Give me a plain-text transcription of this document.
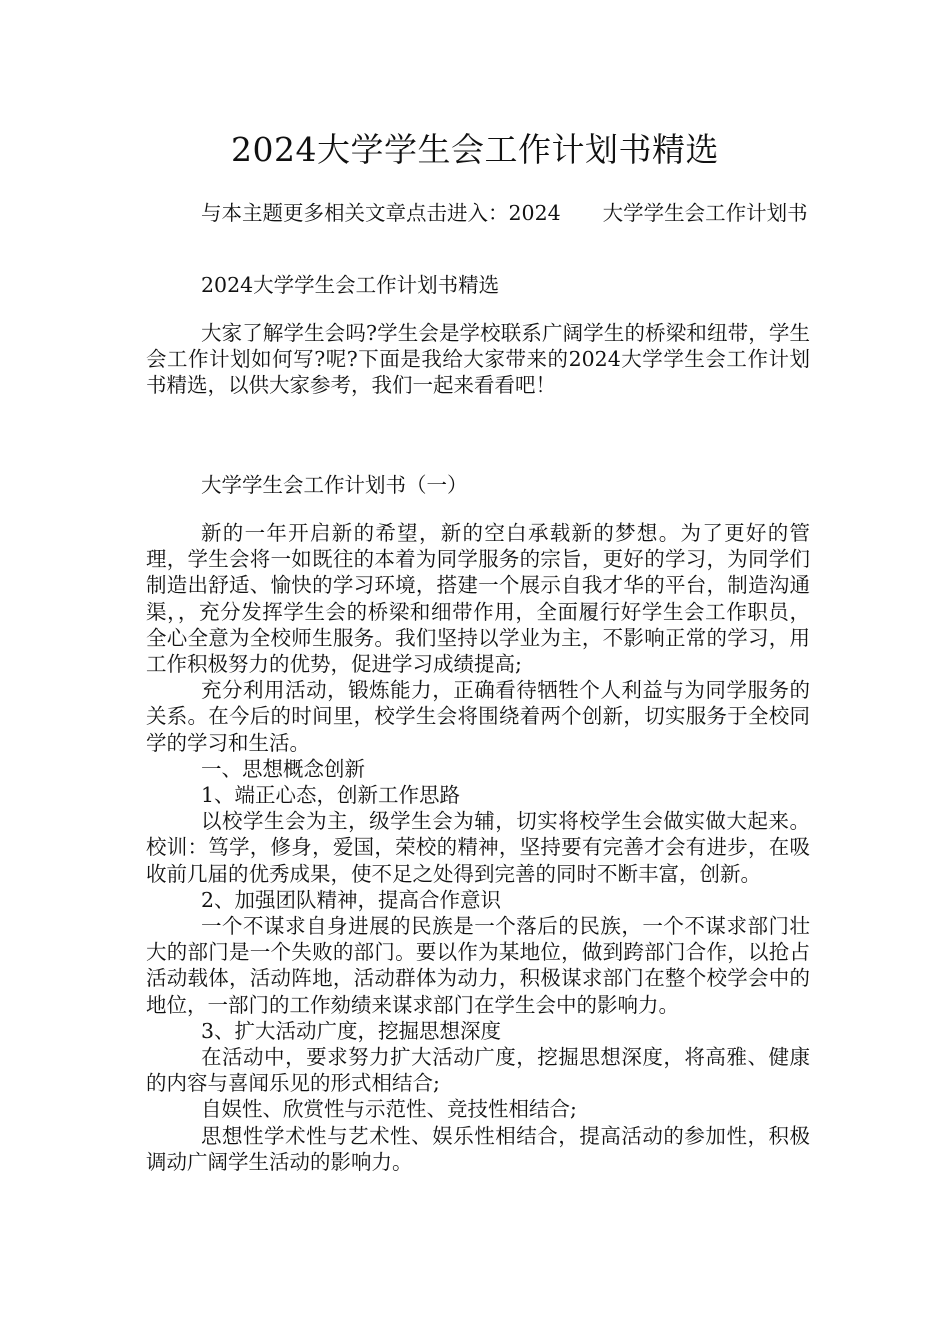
2024大学学生会工作计划书精选
与本主题更多相关文章点击进入：2024 大学学生会工作计划书
2024大学学生会工作计划书精选
大家了解学生会吗?学生会是学校联系广阔学生的桥梁和纽带，学生会工作计划如何写?呢?下面是我给大家带来的2024大学学生会工作计划书精选，以供大家参考，我们一起来看看吧！
大学学生会工作计划书（一）

新的一年开启新的希望，新的空白承载新的梦想。为了更好的管理，学生会将一如既往的本着为同学服务的宗旨，更好的学习，为同学们制造出舒适、愉快的学习环境，搭建一个展示自我才华的平台，制造沟通渠，，充分发挥学生会的桥梁和细带作用，全面履行好学生会工作职员，全心全意为全校师生服务。我们坚持以学业为主，不影响正常的学习，用工作积极努力的优势，促进学习成绩提高;

充分利用活动，锻炼能力，正确看待牺牲个人利益与为同学服务的关系。在今后的时间里，校学生会将围绕着两个创新，切实服务于全校同学的学习和生活。

一、思想概念创新

1、端正心态，创新工作思路

以校学生会为主，级学生会为辅，切实将校学生会做实做大起来。校训：笃学，修身，爱国，荣校的精神，坚持要有完善才会有进步，在吸收前几届的优秀成果，使不足之处得到完善的同时不断丰富，创新。

2、加强团队精神，提高合作意识

一个不谋求自身进展的民族是一个落后的民族，一个不谋求部门壮大的部门是一个失败的部门。要以作为某地位，做到跨部门合作，以抢占活动载体，活动阵地，活动群体为动力，积极谋求部门在整个校学会中的地位，一部门的工作劾绩来谋求部门在学生会中的影响力。

3、扩大活动广度，挖掘思想深度

在活动中，要求努力扩大活动广度，挖掘思想深度，将高雅、健康的内容与喜闻乐见的形式相结合;

自娱性、欣赏性与示范性、竞技性相结合;

思想性学术性与艺术性、娱乐性相结合，提高活动的参加性，积极调动广阔学生活动的影响力。
